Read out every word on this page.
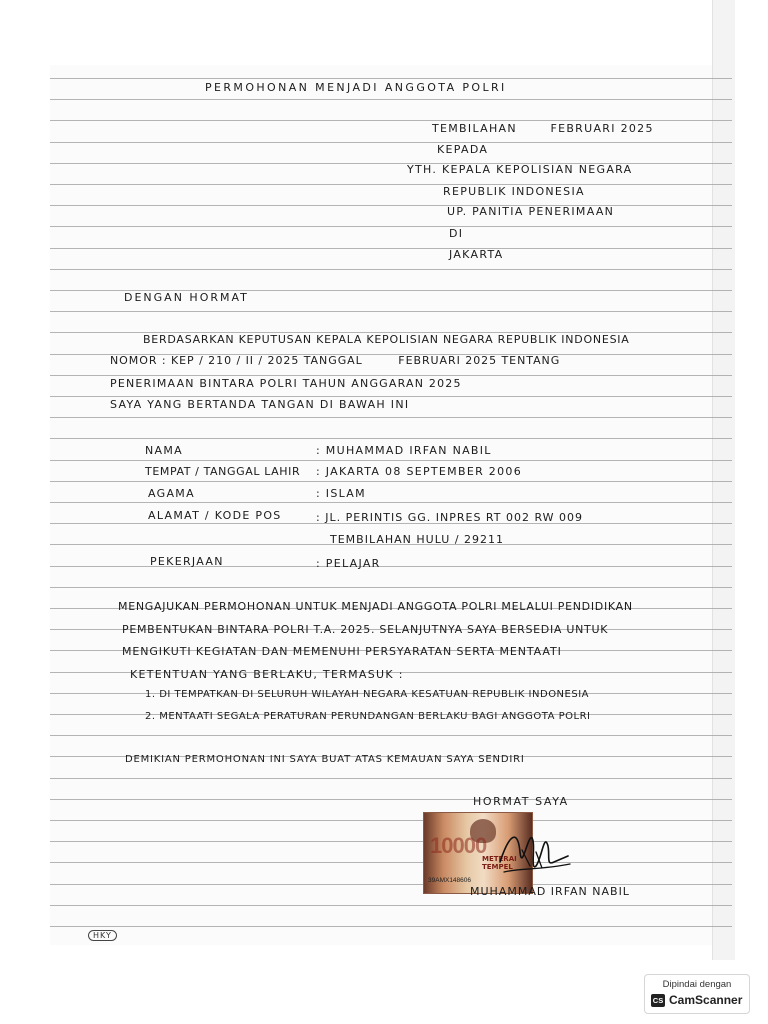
PERMOHONAN MENJADI ANGGOTA POLRI
TEMBILAHAN       FEBRUARI 2025
KEPADA
YTH. KEPALA KEPOLISIAN NEGARA
REPUBLIK INDONESIA
UP. PANITIA PENERIMAAN
DI
JAKARTA
DENGAN HORMAT
BERDASARKAN KEPUTUSAN KEPALA KEPOLISIAN NEGARA REPUBLIK INDONESIA
NOMOR : KEP / 210 / II / 2025 TANGGAL        FEBRUARI 2025 TENTANG
PENERIMAAN BINTARA POLRI TAHUN ANGGARAN 2025
SAYA YANG BERTANDA TANGAN DI BAWAH INI
NAMA	: MUHAMMAD IRFAN NABIL
TEMPAT / TANGGAL LAHIR : JAKARTA 08 SEPTEMBER 2006
AGAMA	: ISLAM
ALAMAT / KODE POS	: JL. PERINTIS GG. INPRES RT 002 RW 009
TEMBILAHAN HULU / 29211
PEKERJAAN	: PELAJAR
MENGAJUKAN PERMOHONAN UNTUK MENJADI ANGGOTA POLRI MELALUI PENDIDIKAN
PEMBENTUKAN BINTARA POLRI T.A. 2025. SELANJUTNYA SAYA BERSEDIA UNTUK
MENGIKUTI KEGIATAN DAN MEMENUHI PERSYARATAN SERTA MENTAATI
KETENTUAN YANG BERLAKU, TERMASUK :
1. DI TEMPATKAN DI SELURUH WILAYAH NEGARA KESATUAN REPUBLIK INDONESIA
2. MENTAATI SEGALA PERATURAN PERUNDANGAN BERLAKU BAGI ANGGOTA POLRI
DEMIKIAN PERMOHONAN INI SAYA BUAT ATAS KEMAUAN SAYA SENDIRI
HORMAT SAYA
10000
METERAI TEMPEL
39AMX148606
MUHAMMAD IRFAN NABIL
HKY
Dipindai dengan
CS CamScanner
